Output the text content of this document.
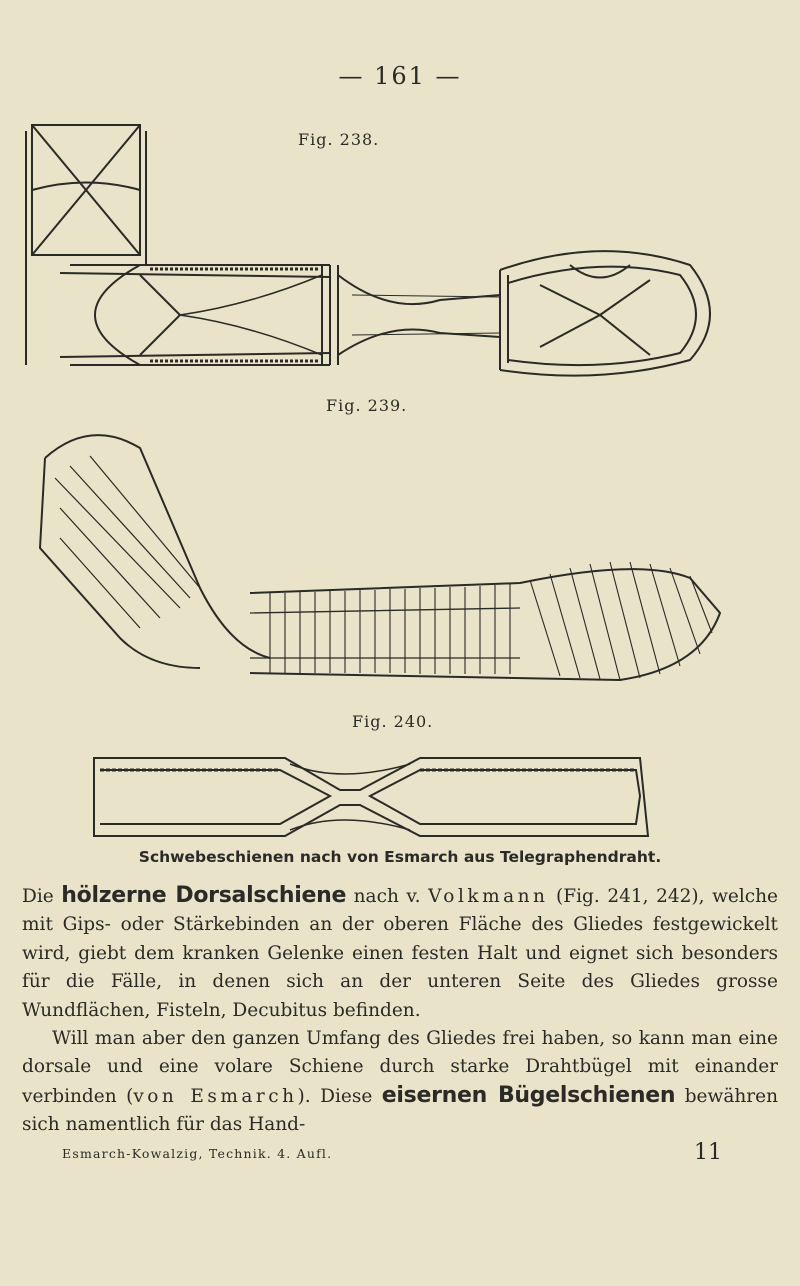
— 161 —
Fig. 238.
Fig. 239.
Fig. 240.
Schwebeschienen nach von Esmarch aus Telegraphendraht.

Die hölzerne Dorsalschiene nach v. Volkmann (Fig. 241, 242), welche mit Gips- oder Stärkebinden an der oberen Fläche des Gliedes festgewickelt wird, giebt dem kranken Gelenke einen festen Halt und eignet sich besonders für die Fälle, in denen sich an der unteren Seite des Gliedes grosse Wundflächen, Fisteln, Decubitus befinden.

Will man aber den ganzen Umfang des Gliedes frei haben, so kann man eine dorsale und eine volare Schiene durch starke Drahtbügel mit einander verbinden (von Esmarch). Diese eisernen Bügelschienen bewähren sich namentlich für das Hand-

Esmarch-Kowalzig, Technik. 4. Aufl.	11
